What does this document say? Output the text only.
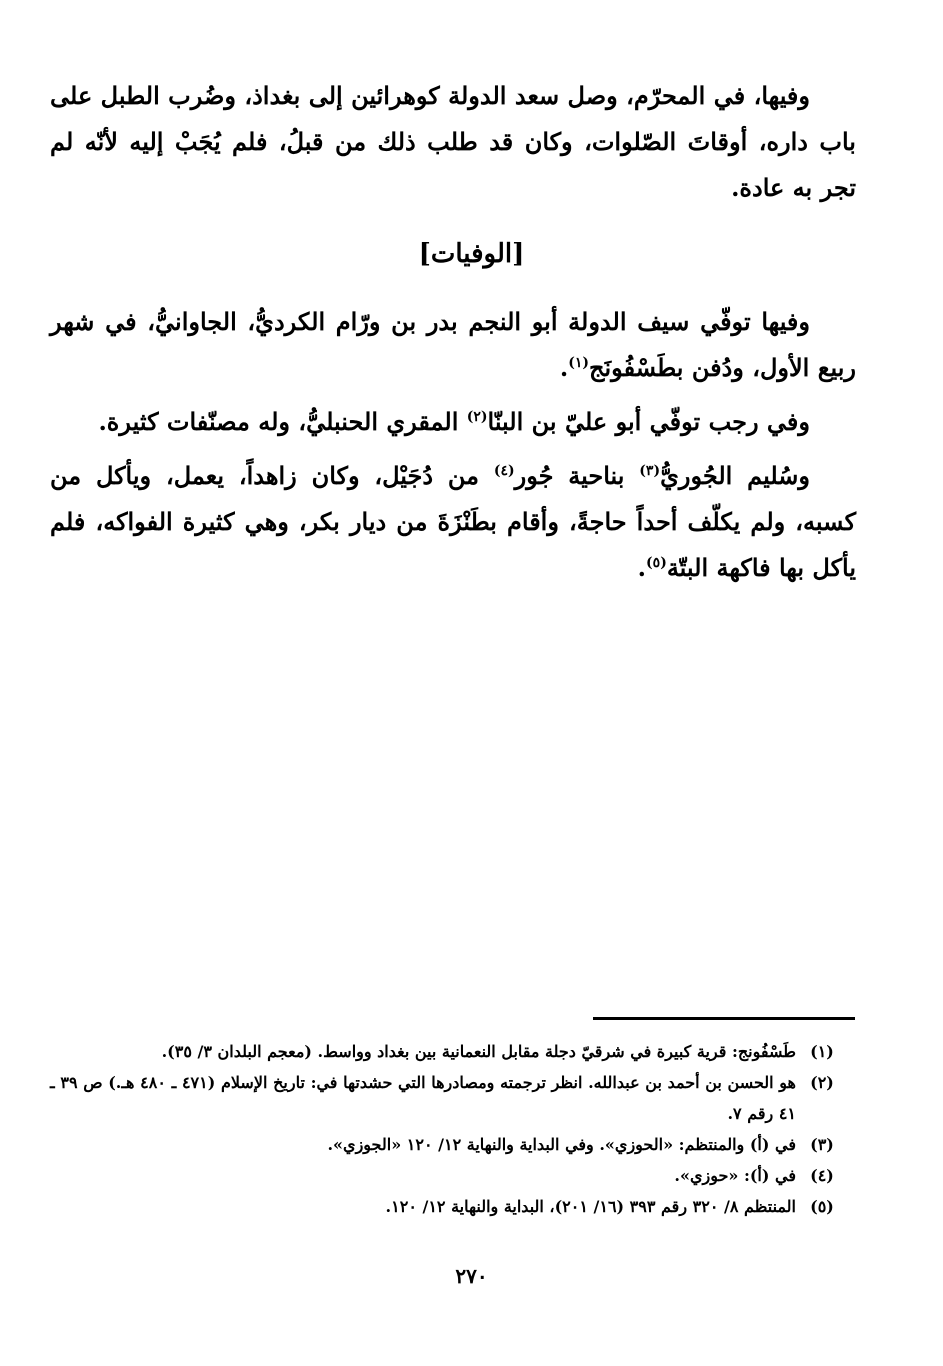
وفيها، في المحرّم، وصل سعد الدولة كوهرائين إلى بغداذ، وضُرب الطبل على باب داره، أوقاتَ الصّلوات، وكان قد طلب ذلك من قبلُ، فلم يُجَبْ إليه لأنّه لم تجر به عادة.

[الوفيات]

وفيها توفّي سيف الدولة أبو النجم بدر بن ورّام الكرديُّ، الجاوانيُّ، في شهر ربيع الأول، ودُفن بطَسْفُونَج$^{(١)}$.

وفي رجب توفّي أبو عليّ بن البنّا$^{(٢)}$ المقري الحنبليُّ، وله مصنّفات كثيرة.

وسُليم الجُوريُّ$^{(٣)}$ بناحية جُور$^{(٤)}$ من دُجَيْل، وكان زاهداً، يعمل، ويأكل من كسبه، ولم يكلّف أحداً حاجةً، وأقام بطَنْزَةَ من ديار بكر، وهي كثيرة الفواكه، فلم يأكل بها فاكهة البتّة$^{(٥)}$.

(١)
طَسْفُونج: قرية كبيرة في شرقيّ دجلة مقابل النعمانية بين بغداد وواسط. (معجم البلدان ٣/ ٣٥).
(٢)
هو الحسن بن أحمد بن عبدالله. انظر ترجمته ومصادرها التي حشدتها في: تاريخ الإسلام (٤٧١ ـ ٤٨٠ هـ.) ص ٣٩ ـ ٤١ رقم ٧.
(٣)
في (أ) والمنتظم: «الحوزي». وفي البداية والنهاية ١٢/ ١٢٠ «الجوزي».
(٤)
في (أ): «حوزي».
(٥)
المنتظم ٨/ ٣٢٠ رقم ٣٩٣ (١٦/ ٢٠١)، البداية والنهاية ١٢/ ١٢٠.
٢٧٠
